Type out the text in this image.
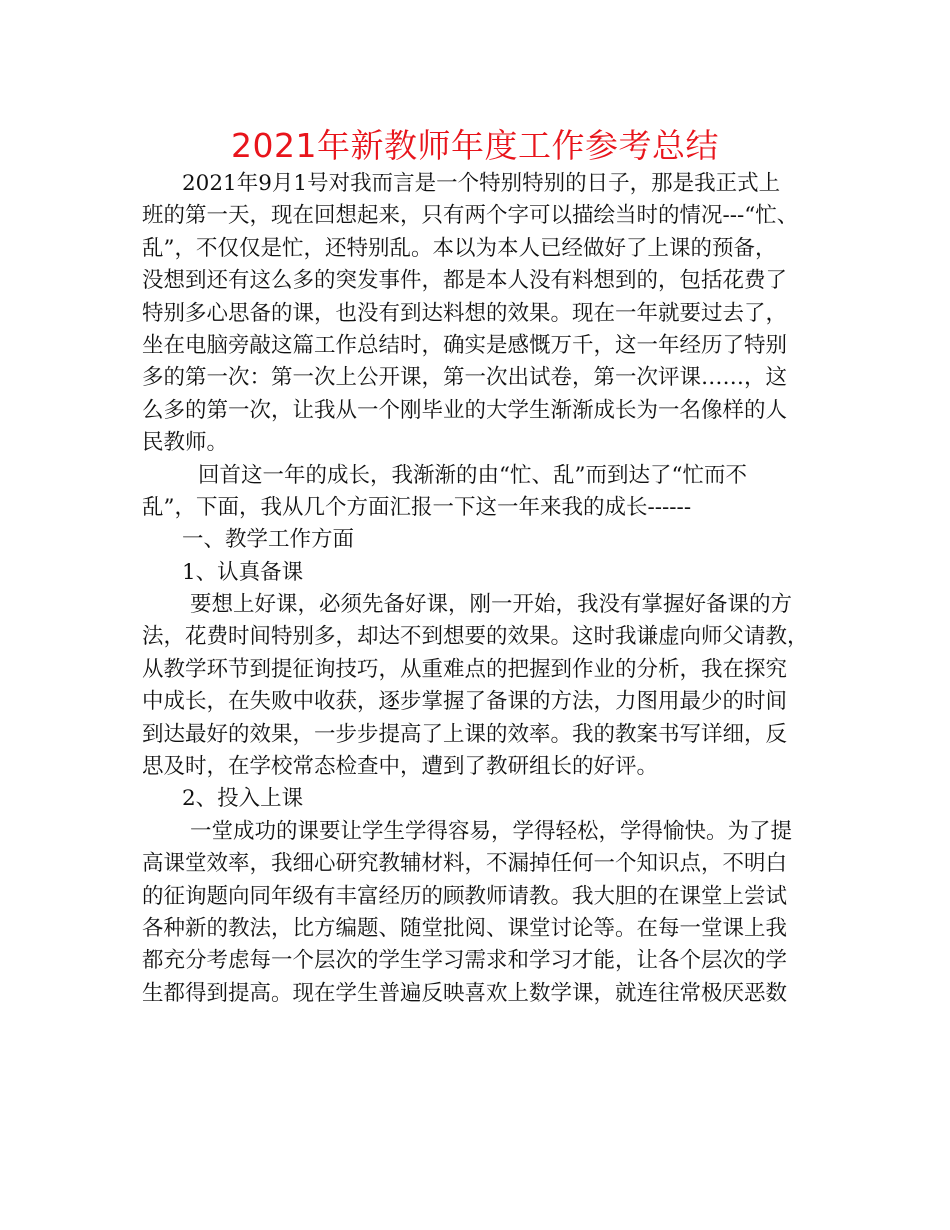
2021年新教师年度工作参考总结
2021年9月1号对我而言是一个特别特别的日子，那是我正式上
班的第一天，现在回想起来，只有两个字可以描绘当时的情况---“忙、
乱”，不仅仅是忙，还特别乱。本以为本人已经做好了上课的预备，
没想到还有这么多的突发事件，都是本人没有料想到的，包括花费了
特别多心思备的课，也没有到达料想的效果。现在一年就要过去了，
坐在电脑旁敲这篇工作总结时，确实是感慨万千，这一年经历了特别
多的第一次：第一次上公开课，第一次出试卷，第一次评课……，这
么多的第一次，让我从一个刚毕业的大学生渐渐成长为一名像样的人
民教师。
回首这一年的成长，我渐渐的由“忙、乱”而到达了“忙而不
乱”，下面，我从几个方面汇报一下这一年来我的成长------
一、教学工作方面
1、认真备课
要想上好课，必须先备好课，刚一开始，我没有掌握好备课的方
法，花费时间特别多，却达不到想要的效果。这时我谦虚向师父请教，
从教学环节到提征询技巧，从重难点的把握到作业的分析，我在探究
中成长，在失败中收获，逐步掌握了备课的方法，力图用最少的时间
到达最好的效果，一步步提高了上课的效率。我的教案书写详细，反
思及时，在学校常态检查中，遭到了教研组长的好评。
2、投入上课
一堂成功的课要让学生学得容易，学得轻松，学得愉快。为了提
高课堂效率，我细心研究教辅材料，不漏掉任何一个知识点，不明白
的征询题向同年级有丰富经历的顾教师请教。我大胆的在课堂上尝试
各种新的教法，比方编题、随堂批阅、课堂讨论等。在每一堂课上我
都充分考虑每一个层次的学生学习需求和学习才能，让各个层次的学
生都得到提高。现在学生普遍反映喜欢上数学课，就连往常极厌恶数
